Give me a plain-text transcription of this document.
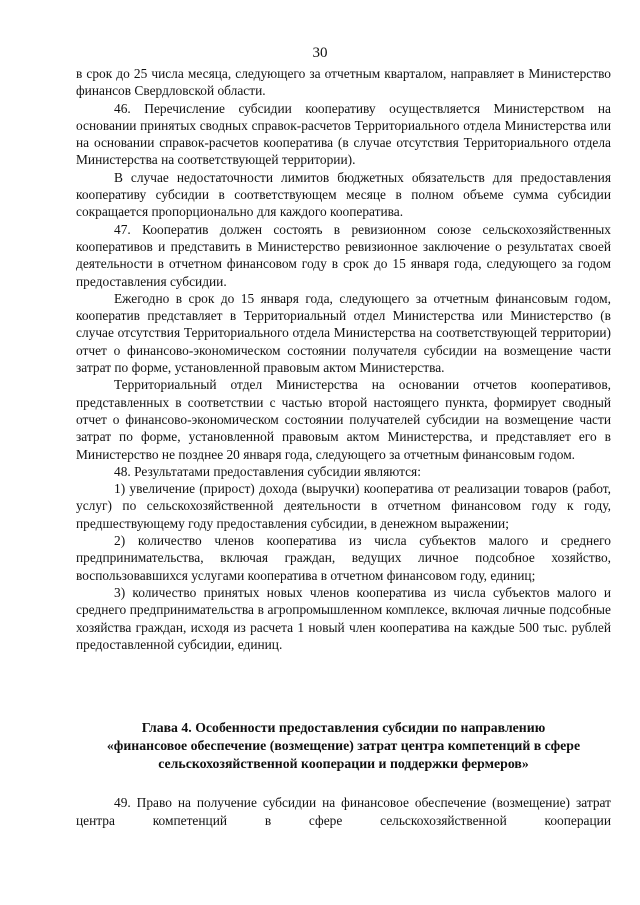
30

в срок до 25 числа месяца, следующего за отчетным кварталом, направляет в Министерство финансов Свердловской области.

46. Перечисление субсидии кооперативу осуществляется Министерством на основании принятых сводных справок-расчетов Территориального отдела Министерства или на основании справок-расчетов кооператива (в случае отсутствия Территориального отдела Министерства на соответствующей территории).

В случае недостаточности лимитов бюджетных обязательств для предоставления кооперативу субсидии в соответствующем месяце в полном объеме сумма субсидии сокращается пропорционально для каждого кооператива.

47. Кооператив должен состоять в ревизионном союзе сельскохозяйственных кооперативов и представить в Министерство ревизионное заключение о результатах своей деятельности в отчетном финансовом году в срок до 15 января года, следующего за годом предоставления субсидии.

Ежегодно в срок до 15 января года, следующего за отчетным финансовым годом, кооператив представляет в Территориальный отдел Министерства или Министерство (в случае отсутствия Территориального отдела Министерства на соответствующей территории) отчет о финансово-экономическом состоянии получателя субсидии на возмещение части затрат по форме, установленной правовым актом Министерства.

Территориальный отдел Министерства на основании отчетов кооперативов, представленных в соответствии с частью второй настоящего пункта, формирует сводный отчет о финансово-экономическом состоянии получателей субсидии на возмещение части затрат по форме, установленной правовым актом Министерства, и представляет его в Министерство не позднее 20 января года, следующего за отчетным финансовым годом.

48. Результатами предоставления субсидии являются:

1) увеличение (прирост) дохода (выручки) кооператива от реализации товаров (работ, услуг) по сельскохозяйственной деятельности в отчетном финансовом году к году, предшествующему году предоставления субсидии, в денежном выражении;

2) количество членов кооператива из числа субъектов малого и среднего предпринимательства, включая граждан, ведущих личное подсобное хозяйство, воспользовавшихся услугами кооператива в отчетном финансовом году, единиц;

3) количество принятых новых членов кооператива из числа субъектов малого и среднего предпринимательства в агропромышленном комплексе, включая личные подсобные хозяйства граждан, исходя из расчета 1 новый член кооператива на каждые 500 тыс. рублей предоставленной субсидии, единиц.

Глава 4. Особенности предоставления субсидии по направлению
«финансовое обеспечение (возмещение) затрат центра компетенций в сфере
сельскохозяйственной кооперации и поддержки фермеров»

49. Право на получение субсидии на финансовое обеспечение (возмещение) затрат центра компетенций в сфере сельскохозяйственной кооперации
